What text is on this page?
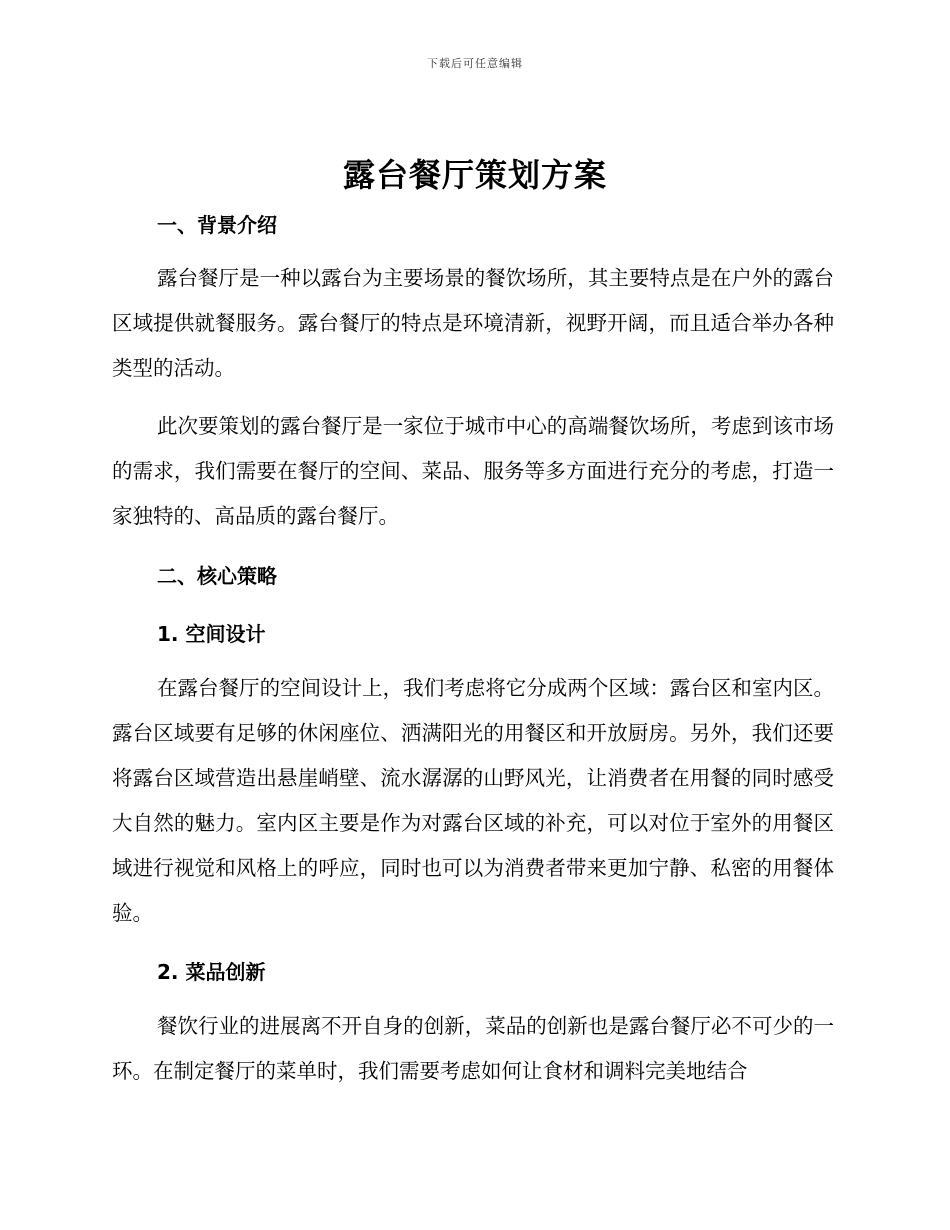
下载后可任意编辑
露台餐厅策划方案
一、背景介绍

露台餐厅是一种以露台为主要场景的餐饮场所，其主要特点是在户外的露台区域提供就餐服务。露台餐厅的特点是环境清新，视野开阔，而且适合举办各种类型的活动。

此次要策划的露台餐厅是一家位于城市中心的高端餐饮场所，考虑到该市场的需求，我们需要在餐厅的空间、菜品、服务等多方面进行充分的考虑，打造一家独特的、高品质的露台餐厅。

二、核心策略
1. 空间设计

在露台餐厅的空间设计上，我们考虑将它分成两个区域：露台区和室内区。露台区域要有足够的休闲座位、洒满阳光的用餐区和开放厨房。另外，我们还要将露台区域营造出悬崖峭壁、流水潺潺的山野风光，让消费者在用餐的同时感受大自然的魅力。室内区主要是作为对露台区域的补充，可以对位于室外的用餐区域进行视觉和风格上的呼应，同时也可以为消费者带来更加宁静、私密的用餐体验。

2. 菜品创新

餐饮行业的进展离不开自身的创新，菜品的创新也是露台餐厅必不可少的一环。在制定餐厅的菜单时，我们需要考虑如何让食材和调料完美地结合
